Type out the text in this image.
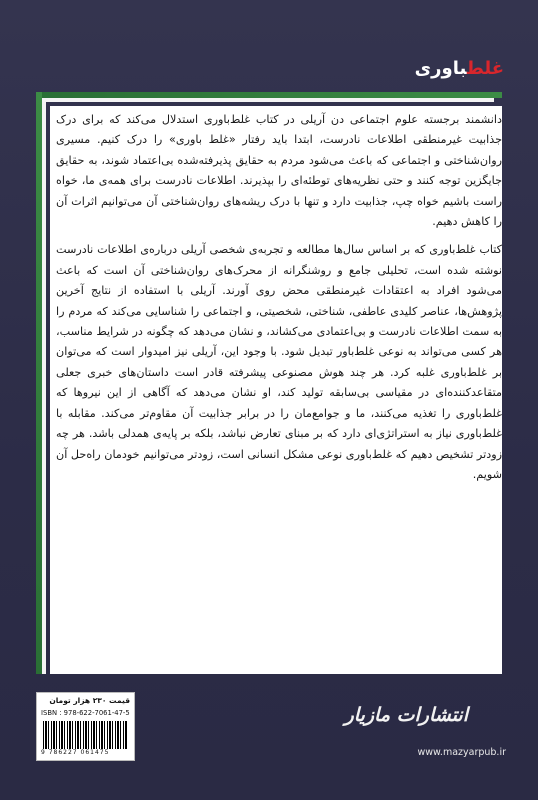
غلطباوری

دانشمند برجسته علوم اجتماعی دن آریلی در کتاب غلط‌باوری استدلال می‌کند که برای درک جذابیت غیرمنطقی اطلاعات نادرست، ابتدا باید رفتار «غلط باوری» را درک کنیم. مسیری روان‌شناختی و اجتماعی که باعث می‌شود مردم به حقایق پذیرفته‌شده بی‌اعتماد شوند، به حقایق جایگزین توجه کنند و حتی نظریه‌های توطئه‌ای را بپذیرند. اطلاعات نادرست برای همه‌ی ما، خواه راست باشیم خواه چپ، جذابیت دارد و تنها با درک ریشه‌های روان‌شناختی آن می‌توانیم اثرات آن را کاهش دهیم.

کتاب غلط‌باوری که بر اساس سال‌ها مطالعه و تجربه‌ی شخصی آریلی درباره‌ی اطلاعات نادرست نوشته شده است، تحلیلی جامع و روشنگرانه از محرک‌های روان‌شناختی آن است که باعث می‌شود افراد به اعتقادات غیرمنطقی محض روی آورند. آریلی با استفاده از نتایج آخرین پژوهش‌ها، عناصر کلیدی عاطفی، شناختی، شخصیتی، و اجتماعی را شناسایی می‌کند که مردم را به سمت اطلاعات نادرست و بی‌اعتمادی می‌کشاند، و نشان می‌دهد که چگونه در شرایط مناسب، هر کسی می‌تواند به نوعی غلط‌باور تبدیل شود. با وجود این، آریلی نیز امیدوار است که می‌توان بر غلط‌باوری غلبه کرد. هر چند هوش مصنوعی پیشرفته قادر است داستان‌های خبری جعلی متقاعدکننده‌ای در مقیاسی بی‌سابقه تولید کند، او نشان می‌دهد که آگاهی از این نیروها که غلط‌باوری را تغذیه می‌کنند، ما و جوامع‌مان را در برابر جذابیت آن مقاوم‌تر می‌کند. مقابله با غلط‌باوری نیاز به استراتژی‌ای دارد که بر مبنای تعارض نباشد، بلکه بر پایه‌ی همدلی باشد. هر چه زودتر تشخیص دهیم که غلط‌باوری نوعی مشکل انسانی است، زودتر می‌توانیم خودمان راه‌حل آن شویم.

قیمت ۲۳۰ هزار تومان
ISBN : 978-622-7061-47-5
9 786227 061475
انتشارات مازیار
www.mazyarpub.ir
